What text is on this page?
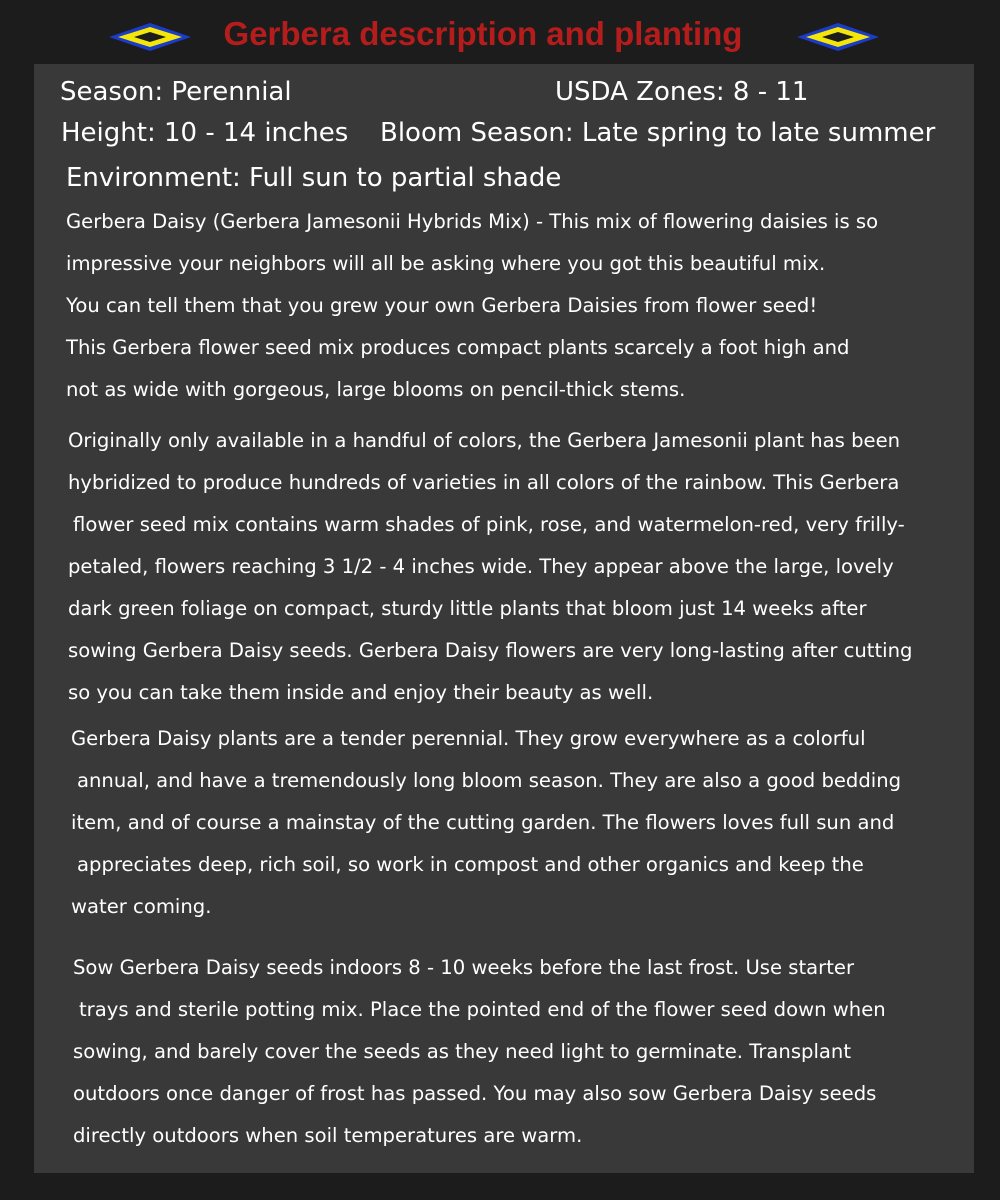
Gerbera description and planting
Season: Perennial	USDA Zones: 8 - 11
Height: 10 - 14 inches Bloom Season: Late spring to late summer
Environment: Full sun to partial shade
Gerbera Daisy (Gerbera Jamesonii Hybrids Mix) - This mix of flowering daisies is so
impressive your neighbors will all be asking where you got this beautiful mix.
You can tell them that you grew your own Gerbera Daisies from flower seed!
This Gerbera flower seed mix produces compact plants scarcely a foot high and
not as wide with gorgeous, large blooms on pencil-thick stems.
Originally only available in a handful of colors, the Gerbera Jamesonii plant has been
hybridized to produce hundreds of varieties in all colors of the rainbow. This Gerbera
flower seed mix contains warm shades of pink, rose, and watermelon-red, very frilly-
petaled, flowers reaching 3 1/2 - 4 inches wide. They appear above the large, lovely
dark green foliage on compact, sturdy little plants that bloom just 14 weeks after
sowing Gerbera Daisy seeds. Gerbera Daisy flowers are very long-lasting after cutting
so you can take them inside and enjoy their beauty as well.
Gerbera Daisy plants are a tender perennial. They grow everywhere as a colorful
annual, and have a tremendously long bloom season. They are also a good bedding
item, and of course a mainstay of the cutting garden. The flowers loves full sun and
appreciates deep, rich soil, so work in compost and other organics and keep the
water coming.
Sow Gerbera Daisy seeds indoors 8 - 10 weeks before the last frost. Use starter
trays and sterile potting mix. Place the pointed end of the flower seed down when
sowing, and barely cover the seeds as they need light to germinate. Transplant
outdoors once danger of frost has passed. You may also sow Gerbera Daisy seeds
directly outdoors when soil temperatures are warm.
